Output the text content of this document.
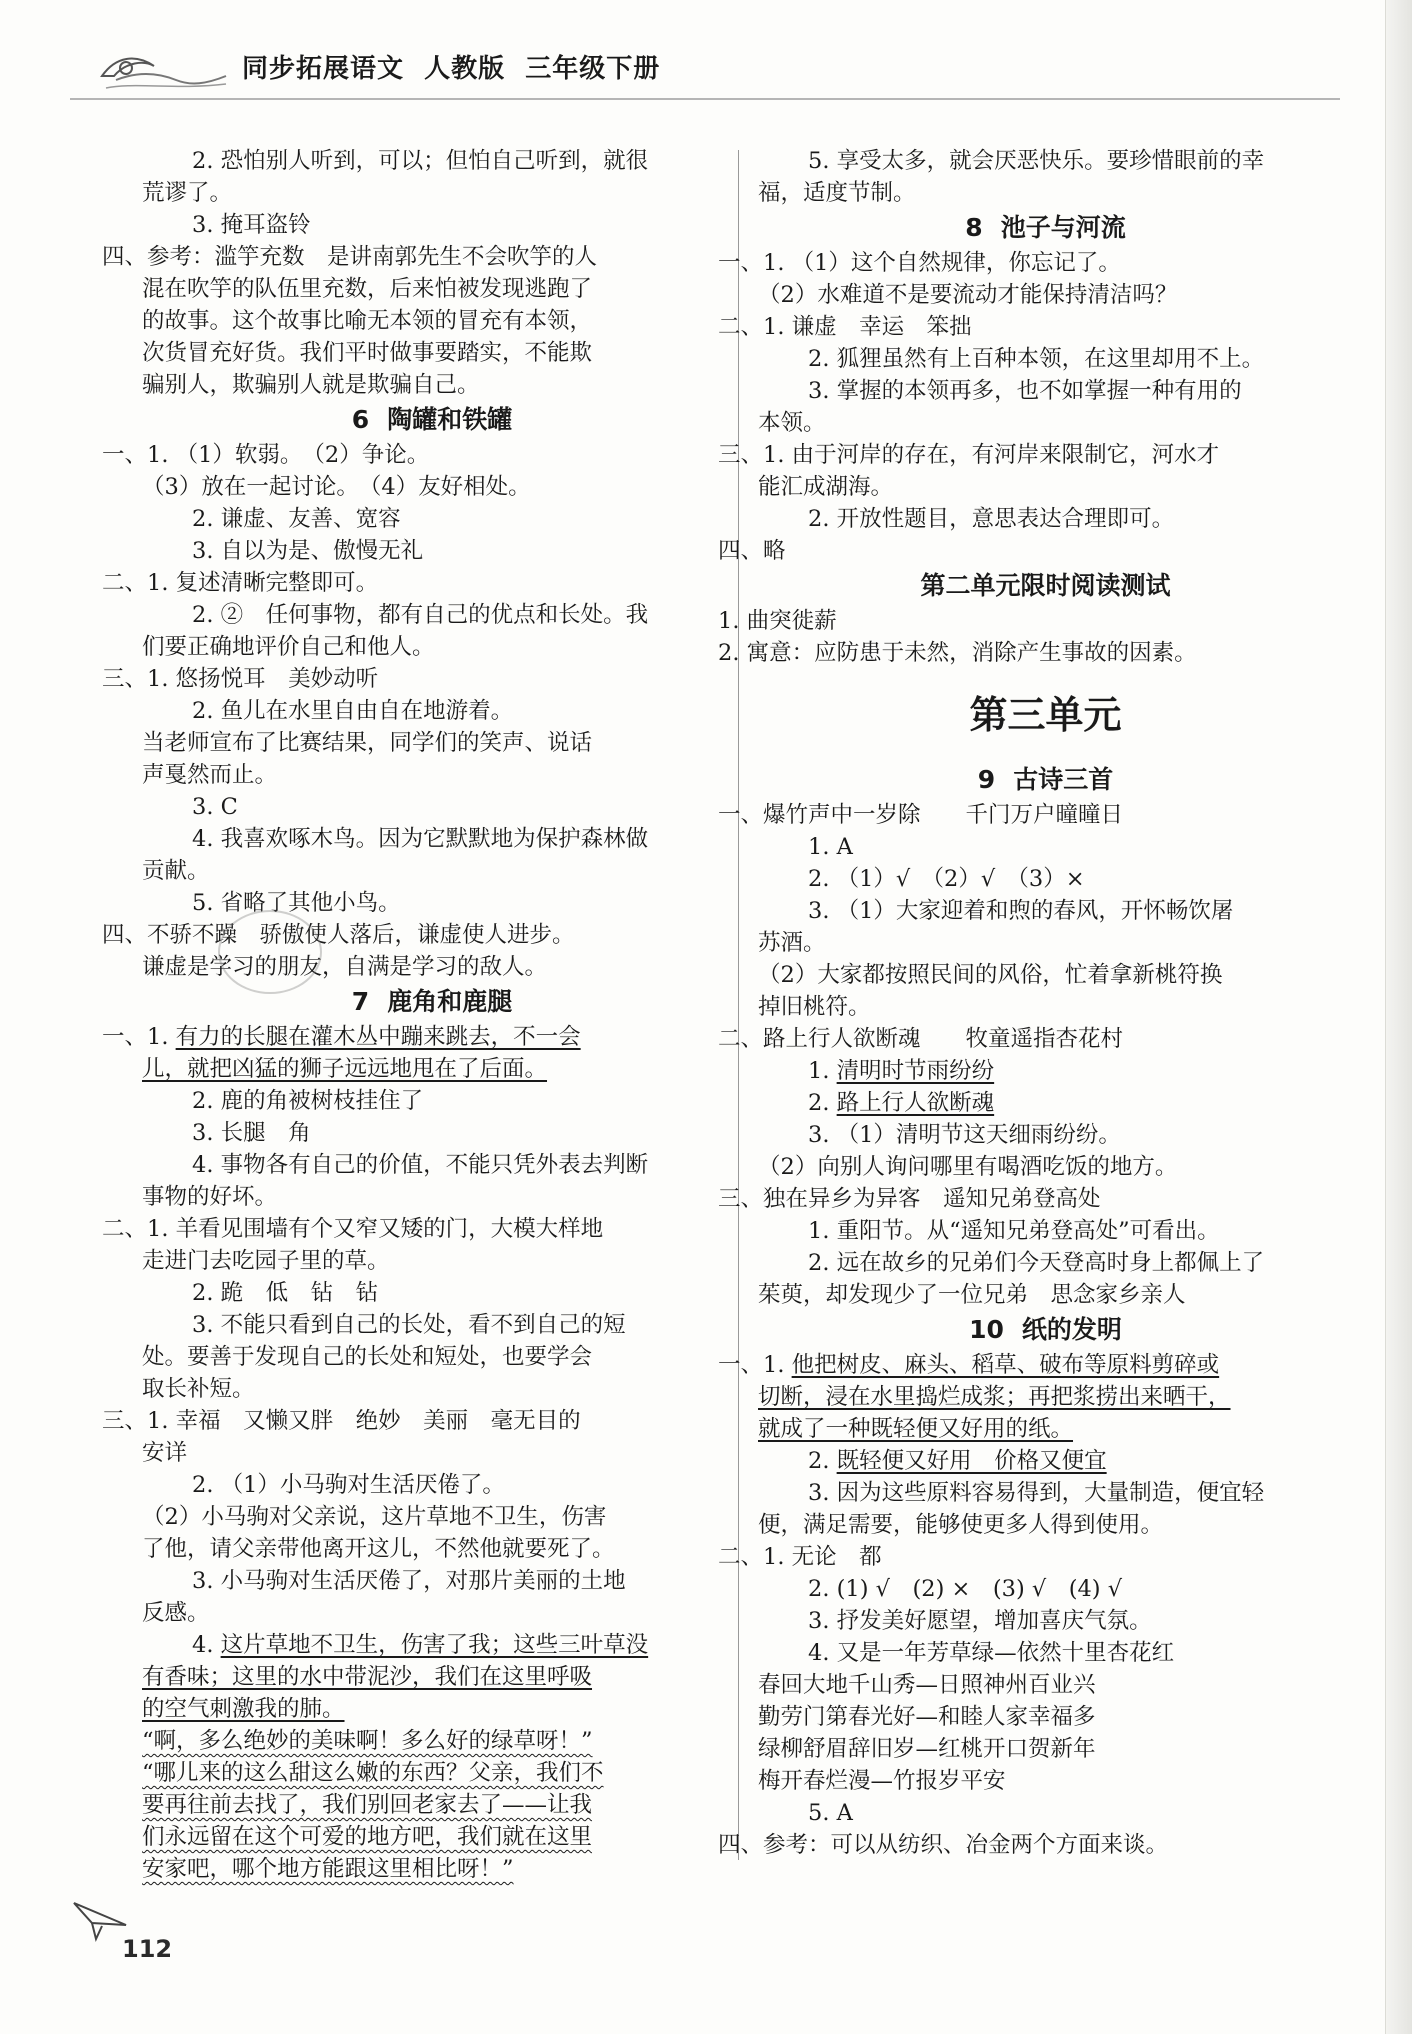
同步拓展语文  人教版  三年级下册
2. 恐怕别人听到，可以；但怕自己听到，就很
荒谬了。
3. 掩耳盗铃
四、参考：滥竽充数　是讲南郭先生不会吹竽的人
混在吹竽的队伍里充数，后来怕被发现逃跑了
的故事。这个故事比喻无本领的冒充有本领，
次货冒充好货。我们平时做事要踏实，不能欺
骗别人，欺骗别人就是欺骗自己。
6 陶罐和铁罐
一、1. （1）软弱。　（2）争论。
（3）放在一起讨论。　（4）友好相处。
2. 谦虚、友善、宽容
3. 自以为是、傲慢无礼
二、1. 复述清晰完整即可。
2. ②　任何事物，都有自己的优点和长处。我
们要正确地评价自己和他人。
三、1. 悠扬悦耳　美妙动听
2. 鱼儿在水里自由自在地游着。
当老师宣布了比赛结果，同学们的笑声、说话
声戛然而止。
3. C
4. 我喜欢啄木鸟。因为它默默地为保护森林做
贡献。
5. 省略了其他小鸟。
四、不骄不躁　骄傲使人落后，谦虚使人进步。
谦虚是学习的朋友，自满是学习的敌人。
7 鹿角和鹿腿
一、1. 有力的长腿在灌木丛中蹦来跳去，不一会
儿，就把凶猛的狮子远远地甩在了后面。
2. 鹿的角被树枝挂住了
3. 长腿　角
4. 事物各有自己的价值，不能只凭外表去判断
事物的好坏。
二、1. 羊看见围墙有个又窄又矮的门，大模大样地
走进门去吃园子里的草。
2. 跪　低　钻　钻
3. 不能只看到自己的长处，看不到自己的短
处。要善于发现自己的长处和短处，也要学会
取长补短。
三、1. 幸福　又懒又胖　绝妙　美丽　毫无目的
安详
2. （1）小马驹对生活厌倦了。
（2）小马驹对父亲说，这片草地不卫生，伤害
了他，请父亲带他离开这儿，不然他就要死了。
3. 小马驹对生活厌倦了，对那片美丽的土地
反感。
4. 这片草地不卫生，伤害了我；这些三叶草没
有香味；这里的水中带泥沙，我们在这里呼吸
的空气刺激我的肺。
“啊，多么绝妙的美味啊！多么好的绿草呀！”
“哪儿来的这么甜这么嫩的东西？父亲，我们不
要再往前去找了，我们别回老家去了——让我
们永远留在这个可爱的地方吧，我们就在这里
安家吧，哪个地方能跟这里相比呀！”
5. 享受太多，就会厌恶快乐。要珍惜眼前的幸
福，适度节制。
8 池子与河流
一、1. （1）这个自然规律，你忘记了。
（2）水难道不是要流动才能保持清洁吗？
二、1. 谦虚　幸运　笨拙
2. 狐狸虽然有上百种本领，在这里却用不上。
3. 掌握的本领再多，也不如掌握一种有用的
本领。
三、1. 由于河岸的存在，有河岸来限制它，河水才
能汇成湖海。
2. 开放性题目，意思表达合理即可。
四、略
第二单元限时阅读测试
1. 曲突徙薪
2. 寓意：应防患于未然，消除产生事故的因素。
第三单元
9 古诗三首
一、爆竹声中一岁除　　千门万户曈曈日
1. A
2. （1）√　（2）√　（3）×
3. （1）大家迎着和煦的春风，开怀畅饮屠
苏酒。
（2）大家都按照民间的风俗，忙着拿新桃符换
掉旧桃符。
二、路上行人欲断魂　　牧童遥指杏花村
1. 清明时节雨纷纷
2. 路上行人欲断魂
3. （1）清明节这天细雨纷纷。
（2）向别人询问哪里有喝酒吃饭的地方。
三、独在异乡为异客　遥知兄弟登高处
1. 重阳节。从“遥知兄弟登高处”可看出。
2. 远在故乡的兄弟们今天登高时身上都佩上了
茱萸，却发现少了一位兄弟　思念家乡亲人
10 纸的发明
一、1. 他把树皮、麻头、稻草、破布等原料剪碎或
切断，浸在水里捣烂成浆；再把浆捞出来晒干，
就成了一种既轻便又好用的纸。
2. 既轻便又好用　价格又便宜
3. 因为这些原料容易得到，大量制造，便宜轻
便，满足需要，能够使更多人得到使用。
二、1. 无论　都
2. (1) √　(2) ×　(3) √　(4) √
3. 抒发美好愿望，增加喜庆气氛。
4. 又是一年芳草绿—依然十里杏花红
春回大地千山秀—日照神州百业兴
勤劳门第春光好—和睦人家幸福多
绿柳舒眉辞旧岁—红桃开口贺新年
梅开春烂漫—竹报岁平安
5. A
四、参考：可以从纺织、冶金两个方面来谈。
112
